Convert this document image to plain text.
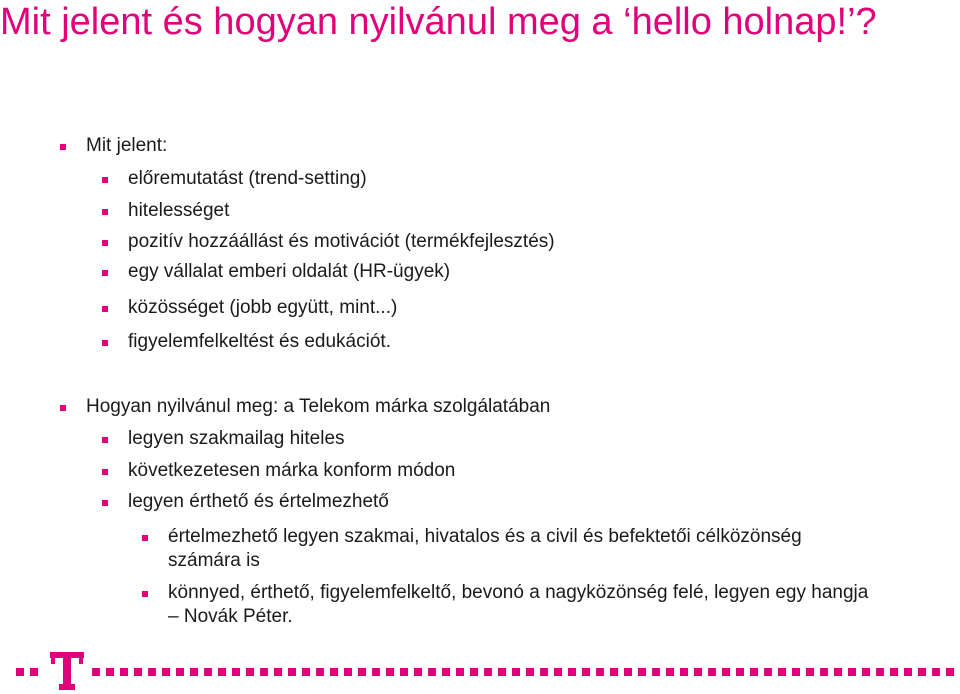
Mit jelent és hogyan nyilvánul meg a ‘hello holnap!’?
Mit jelent:
előremutatást (trend-setting)
hitelességet
pozitív hozzáállást és motivációt (termékfejlesztés)
egy vállalat emberi oldalát (HR-ügyek)
közösséget (jobb együtt, mint...)
figyelemfelkeltést és edukációt.
Hogyan nyilvánul meg: a Telekom márka szolgálatában
legyen szakmailag hiteles
következetesen márka konform módon
legyen érthető és értelmezhető
értelmezhető legyen szakmai, hivatalos és a civil és befektetői célközönség
számára is
könnyed, érthető, figyelemfelkeltő, bevonó a nagyközönség felé, legyen egy hangja
– Novák Péter.
